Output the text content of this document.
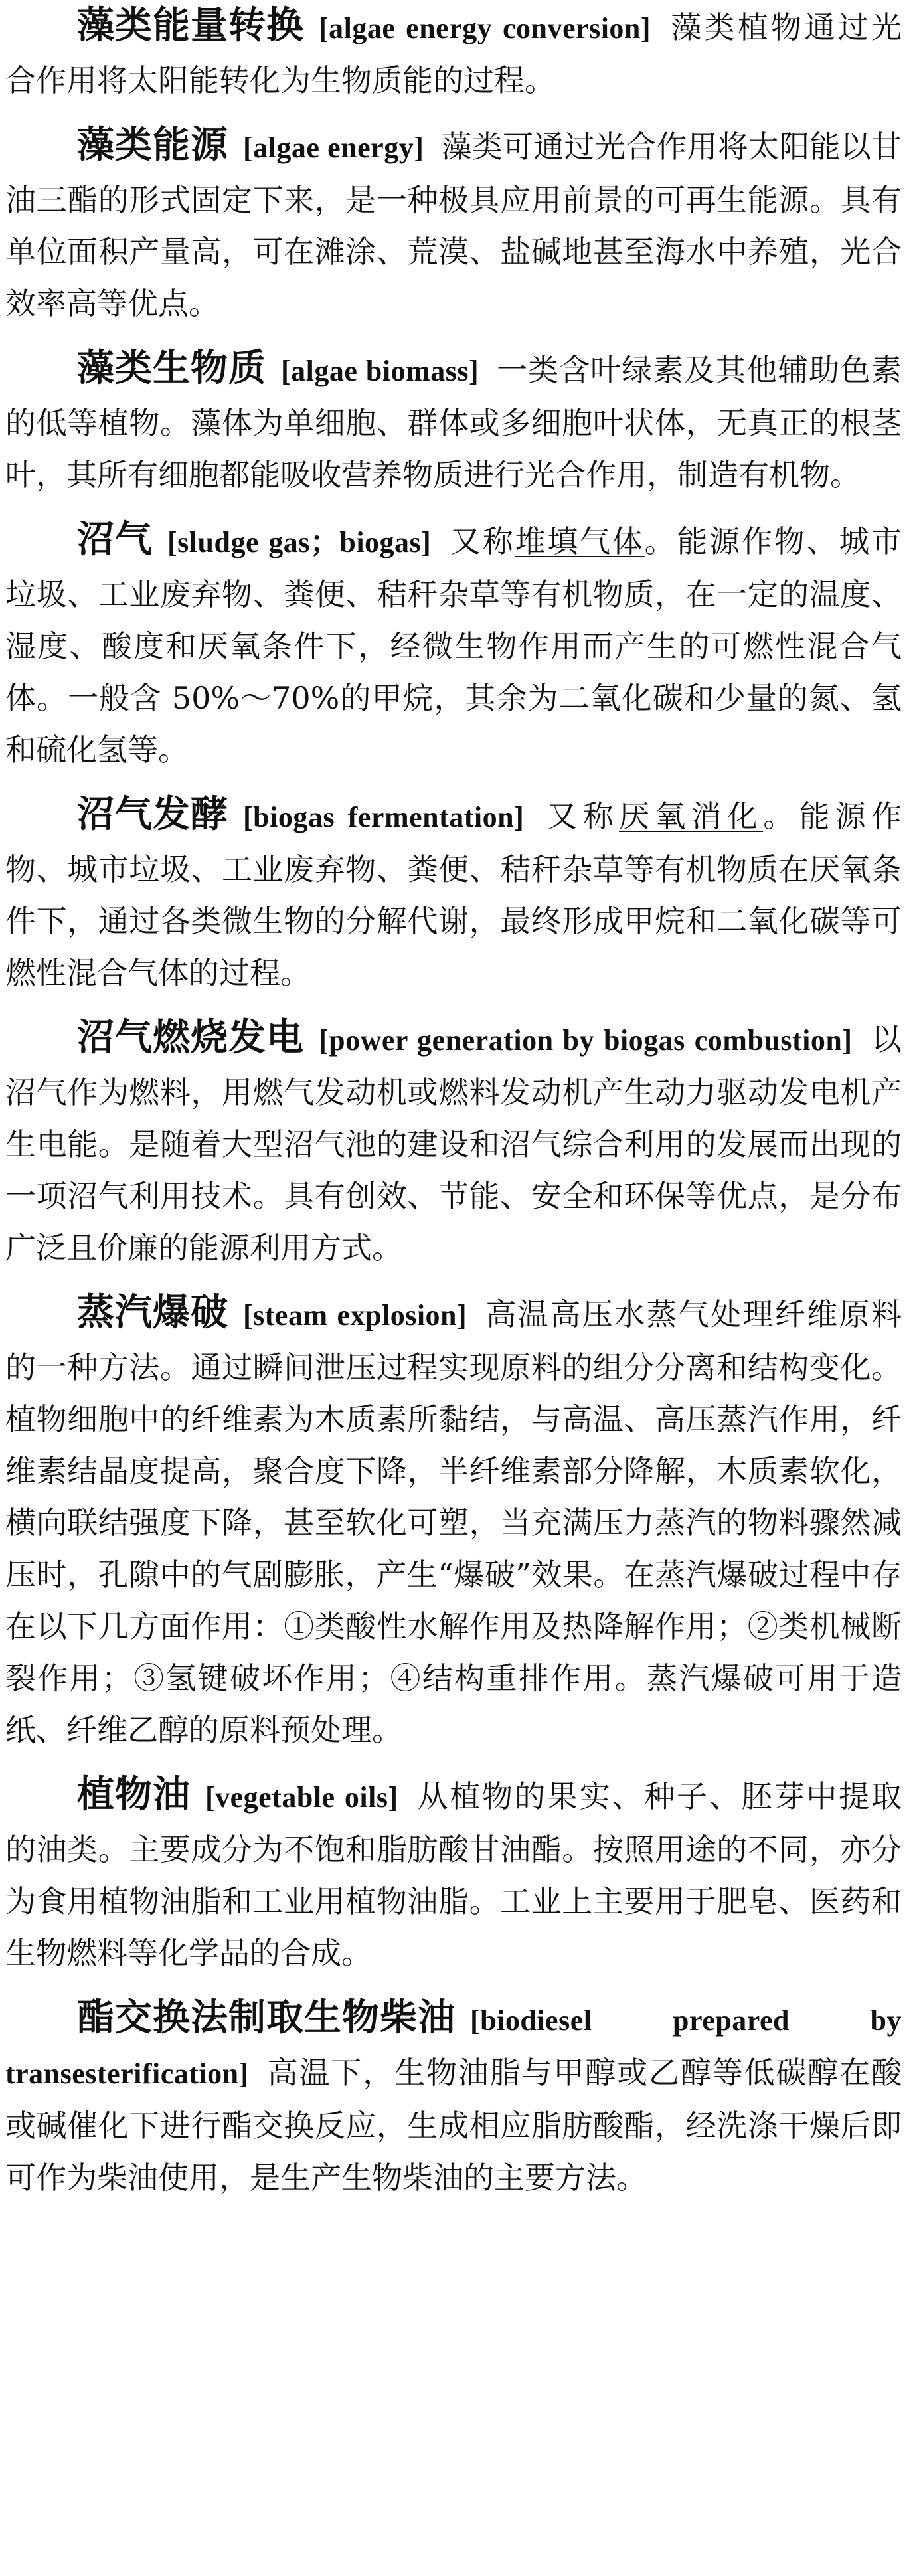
藻类能量转换 [algae energy conversion] 藻类植物通过光合作用将太阳能转化为生物质能的过程。

藻类能源 [algae energy] 藻类可通过光合作用将太阳能以甘油三酯的形式固定下来，是一种极具应用前景的可再生能源。具有单位面积产量高，可在滩涂、荒漠、盐碱地甚至海水中养殖，光合效率高等优点。

藻类生物质 [algae biomass] 一类含叶绿素及其他辅助色素的低等植物。藻体为单细胞、群体或多细胞叶状体，无真正的根茎叶，其所有细胞都能吸收营养物质进行光合作用，制造有机物。

沼气 [sludge gas；biogas] 又称堆填气体。能源作物、城市垃圾、工业废弃物、粪便、秸秆杂草等有机物质，在一定的温度、湿度、酸度和厌氧条件下，经微生物作用而产生的可燃性混合气体。一般含 50%～70%的甲烷，其余为二氧化碳和少量的氮、氢和硫化氢等。

沼气发酵 [biogas fermentation] 又称厌氧消化。能源作物、城市垃圾、工业废弃物、粪便、秸秆杂草等有机物质在厌氧条件下，通过各类微生物的分解代谢，最终形成甲烷和二氧化碳等可燃性混合气体的过程。

沼气燃烧发电 [power generation by biogas combustion] 以沼气作为燃料，用燃气发动机或燃料发动机产生动力驱动发电机产生电能。是随着大型沼气池的建设和沼气综合利用的发展而出现的一项沼气利用技术。具有创效、节能、安全和环保等优点，是分布广泛且价廉的能源利用方式。

蒸汽爆破 [steam explosion] 高温高压水蒸气处理纤维原料的一种方法。通过瞬间泄压过程实现原料的组分分离和结构变化。植物细胞中的纤维素为木质素所黏结，与高温、高压蒸汽作用，纤维素结晶度提高，聚合度下降，半纤维素部分降解，木质素软化，横向联结强度下降，甚至软化可塑，当充满压力蒸汽的物料骤然减压时，孔隙中的气剧膨胀，产生“爆破”效果。在蒸汽爆破过程中存在以下几方面作用：①类酸性水解作用及热降解作用；②类机械断裂作用；③氢键破坏作用；④结构重排作用。蒸汽爆破可用于造纸、纤维乙醇的原料预处理。

植物油 [vegetable oils] 从植物的果实、种子、胚芽中提取的油类。主要成分为不饱和脂肪酸甘油酯。按照用途的不同，亦分为食用植物油脂和工业用植物油脂。工业上主要用于肥皂、医药和生物燃料等化学品的合成。

酯交换法制取生物柴油 [biodiesel prepared by transesterification] 高温下，生物油脂与甲醇或乙醇等低碳醇在酸或碱催化下进行酯交换反应，生成相应脂肪酸酯，经洗涤干燥后即可作为柴油使用，是生产生物柴油的主要方法。
